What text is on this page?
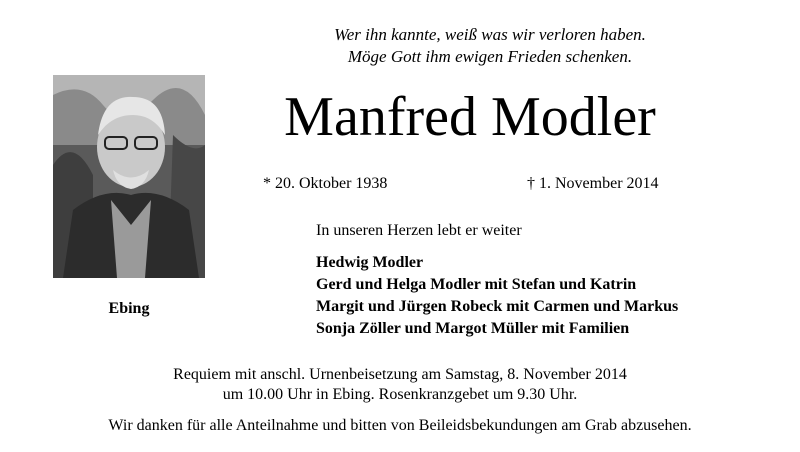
Wer ihn kannte, weiß was wir verloren haben.
Möge Gott ihm ewigen Frieden schenken.
Ebing
Manfred Modler
* 20. Oktober 1938	† 1. November 2014
In unseren Herzen lebt er weiter
Hedwig Modler
Gerd und Helga Modler mit Stefan und Katrin
Margit und Jürgen Robeck mit Carmen und Markus
Sonja Zöller und Margot Müller mit Familien
Requiem mit anschl. Urnenbeisetzung am Samstag, 8. November 2014
um 10.00 Uhr in Ebing. Rosenkranzgebet um 9.30 Uhr.
Wir danken für alle Anteilnahme und bitten von Beileidsbekundungen am Grab abzusehen.
